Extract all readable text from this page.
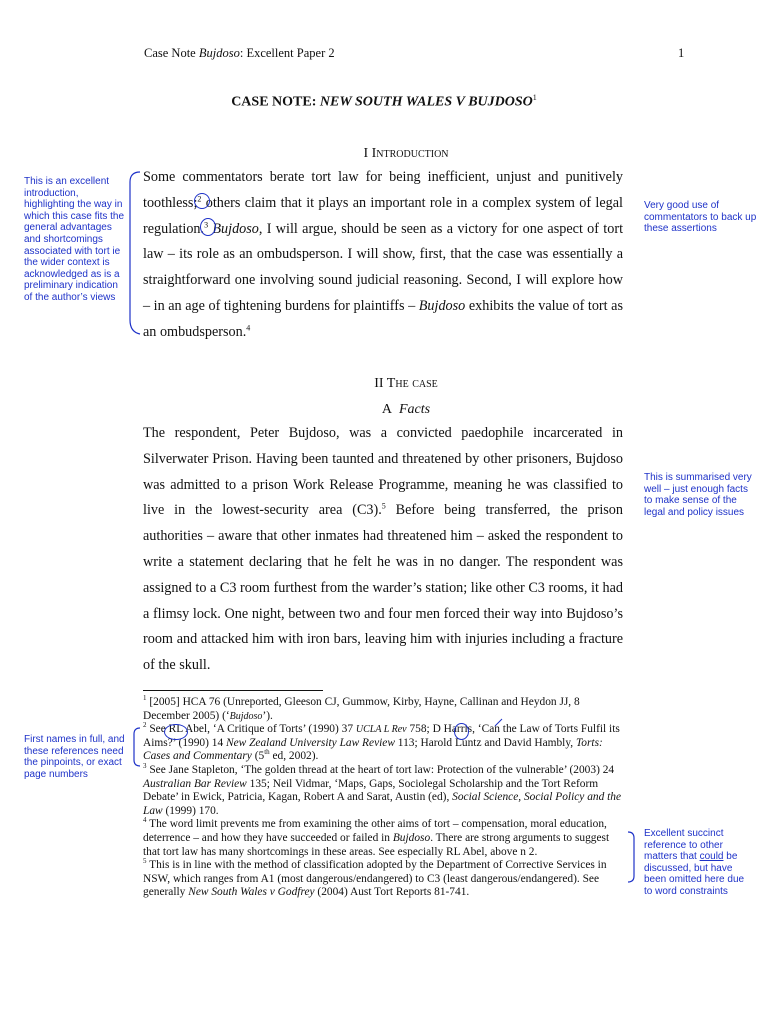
Case Note Bujdoso: Excellent Paper 2	1
CASE NOTE: NEW SOUTH WALES V BUJDOSO$^1$
I Introduction
Some commentators berate tort law for being inefficient, unjust and punitively toothless;$^2$ others claim that it plays an important role in a complex system of legal regulation.$^3$ Bujdoso, I will argue, should be seen as a victory for one aspect of tort law – its role as an ombudsperson. I will show, first, that the case was essentially a straightforward one involving sound judicial reasoning. Second, I will explore how – in an age of tightening burdens for plaintiffs – Bujdoso exhibits the value of tort as an ombudsperson.$^4$
II The case
A Facts
The respondent, Peter Bujdoso, was a convicted paedophile incarcerated in Silverwater Prison. Having been taunted and threatened by other prisoners, Bujdoso was admitted to a prison Work Release Programme, meaning he was classified to live in the lowest-security area (C3).$^5$ Before being transferred, the prison authorities – aware that other inmates had threatened him – asked the respondent to write a statement declaring that he felt he was in no danger. The respondent was assigned to a C3 room furthest from the warder’s station; like other C3 rooms, it had a flimsy lock. One night, between two and four men forced their way into Bujdoso’s room and attacked him with iron bars, leaving him with injuries including a fracture of the skull.

$^1$ [2005] HCA 76 (Unreported, Gleeson CJ, Gummow, Kirby, Hayne, Callinan and Heydon JJ, 8 December 2005) (‘Bujdoso’).

$^2$ See RL Abel, ‘A Critique of Torts’ (1990) 37 UCLA L Rev 758; D Harris, ‘Can the Law of Torts Fulfil its Aims?’ (1990) 14 New Zealand University Law Review 113; Harold Luntz and David Hambly, Torts: Cases and Commentary (5th ed, 2002).

$^3$ See Jane Stapleton, ‘The golden thread at the heart of tort law: Protection of the vulnerable’ (2003) 24 Australian Bar Review 135; Neil Vidmar, ‘Maps, Gaps, Sociolegal Scholarship and the Tort Reform Debate’ in Ewick, Patricia, Kagan, Robert A and Sarat, Austin (ed), Social Science, Social Policy and the Law (1999) 170.

$^4$ The word limit prevents me from examining the other aims of tort – compensation, moral education, deterrence – and how they have succeeded or failed in Bujdoso. There are strong arguments to suggest that tort law has many shortcomings in these areas. See especially RL Abel, above n 2.

$^5$ This is in line with the method of classification adopted by the Department of Corrective Services in NSW, which ranges from A1 (most dangerous/endangered) to C3 (least dangerous/endangered). See generally New South Wales v Godfrey (2004) Aust Tort Reports 81-741.

This is an excellent introduction, highlighting the way in which this case fits the general advantages and shortcomings associated with tort ie the wider context is acknowledged as is a preliminary indication of the author’s views
Very good use of commentators to back up these assertions
This is summarised very well – just enough facts to make sense of the legal and policy issues
First names in full, and these references need the pinpoints, or exact page numbers
Excellent succinct reference to other matters that could be discussed, but have been omitted here due to word constraints
